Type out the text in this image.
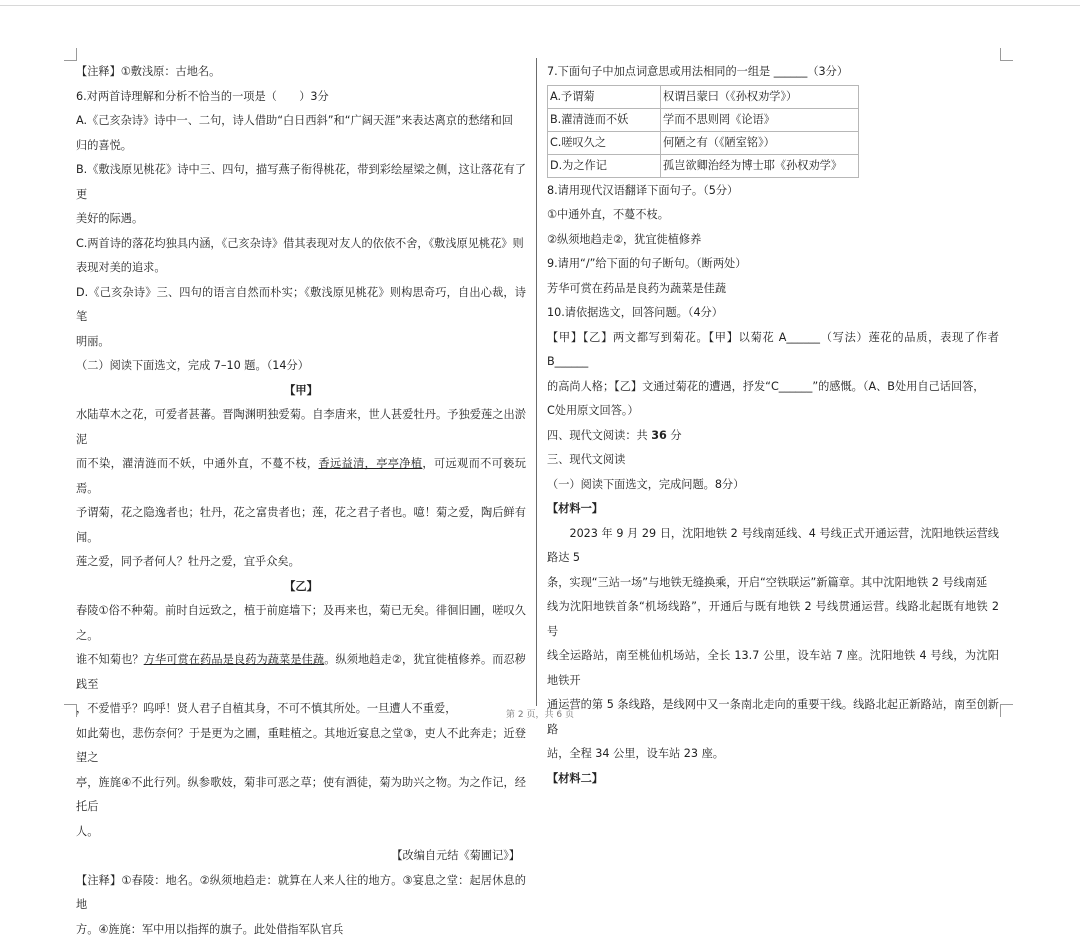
【注释】①敷浅原：古地名。

6.对两首诗理解和分析不恰当的一项是（　　）3分

A.《己亥杂诗》诗中一、二句，诗人借助“白日西斜”和“广阔天涯”来表达离京的愁绪和回

归的喜悦。

B.《敷浅原见桃花》诗中三、四句，描写燕子衔得桃花，带到彩绘屋梁之侧，这让落花有了更

美好的际遇。

C.两首诗的落花均独具内涵，《己亥杂诗》借其表现对友人的依依不舍，《敷浅原见桃花》则

表现对美的追求。

D.《己亥杂诗》三、四句的语言自然而朴实；《敷浅原见桃花》则构思奇巧，自出心裁，诗笔

明丽。

（二）阅读下面选文，完成 7–10 题。（14分）

【甲】

水陆草木之花，可爱者甚蕃。晋陶渊明独爱菊。自李唐来，世人甚爱牡丹。予独爱莲之出淤泥

而不染，濯清涟而不妖，中通外直，不蔓不枝，香远益清，亭亭净植，可远观而不可亵玩焉。

予谓菊，花之隐逸者也；牡丹，花之富贵者也；莲，花之君子者也。噫！菊之爱，陶后鲜有闻。

莲之爱，同予者何人？牡丹之爱，宜乎众矣。

【乙】

春陵①俗不种菊。前时自远致之，植于前庭墙下；及再来也，菊已无矣。徘徊旧圃，嗟叹久之。

谁不知菊也？方华可赏在药品是良药为蔬菜是佳蔬。纵须地趋走②，犹宜徙植修养。而忍秽践至

，不爱惜乎？呜呼！贤人君子自植其身，不可不慎其所处。一旦遭人不重爱，

如此菊也，悲伤奈何？于是更为之圃，重畦植之。其地近宴息之堂③，吏人不此奔走；近登望之

亭，旌旄④不此行列。纵参歌妓，菊非可恶之草；使有酒徒，菊为助兴之物。为之作记，经托后

人。

【改编自元结《菊圃记》】

【注释】①春陵：地名。②纵须地趋走：就算在人来人往的地方。③宴息之堂：起居休息的地

方。④旌旄：军中用以指挥的旗子。此处借指军队官兵

7.下面句子中加点词意思或用法相同的一组是 ______（3分）

A.予谓菊	权谓吕蒙曰（《孙权劝学》）
B.濯清涟而不妖	学而不思则罔《论语》
C.嗟叹久之	何陋之有（《陋室铭》）
D.为之作记	孤岂欲卿治经为博士耶《孙权劝学》

8.请用现代汉语翻译下面句子。（5分）

①中通外直，不蔓不枝。

②纵须地趋走②，犹宜徙植修养

9.请用“/”给下面的句子断句。（断两处）

芳华可赏在药品是良药为蔬菜是佳蔬

10.请依据选文，回答问题。（4分）

【甲】【乙】两文都写到菊花。【甲】以菊花 A______（写法）莲花的品质，表现了作者 B______

的高尚人格；【乙】文通过菊花的遭遇，抒发“C______”的感慨。（A、B处用自己话回答，

C处用原文回答。）

四、现代文阅读：共 36 分

三、现代文阅读

（一）阅读下面选文，完成问题。8分）

【材料一】

　　2023 年 9 月 29 日，沈阳地铁 2 号线南延线、4 号线正式开通运营，沈阳地铁运营线路达 5

条，实现“三站一场”与地铁无缝换乘，开启“空铁联运”新篇章。其中沈阳地铁 2 号线南延

线为沈阳地铁首条“机场线路”，开通后与既有地铁 2 号线贯通运营。线路北起既有地铁 2 号

线全运路站，南至桃仙机场站，全长 13.7 公里，设车站 7 座。沈阳地铁 4 号线，为沈阳地铁开

通运营的第 5 条线路，是线网中又一条南北走向的重要干线。线路北起正新路站，南至创新路

站，全程 34 公里，设车站 23 座。

【材料二】

第 2 页，共 6 页
